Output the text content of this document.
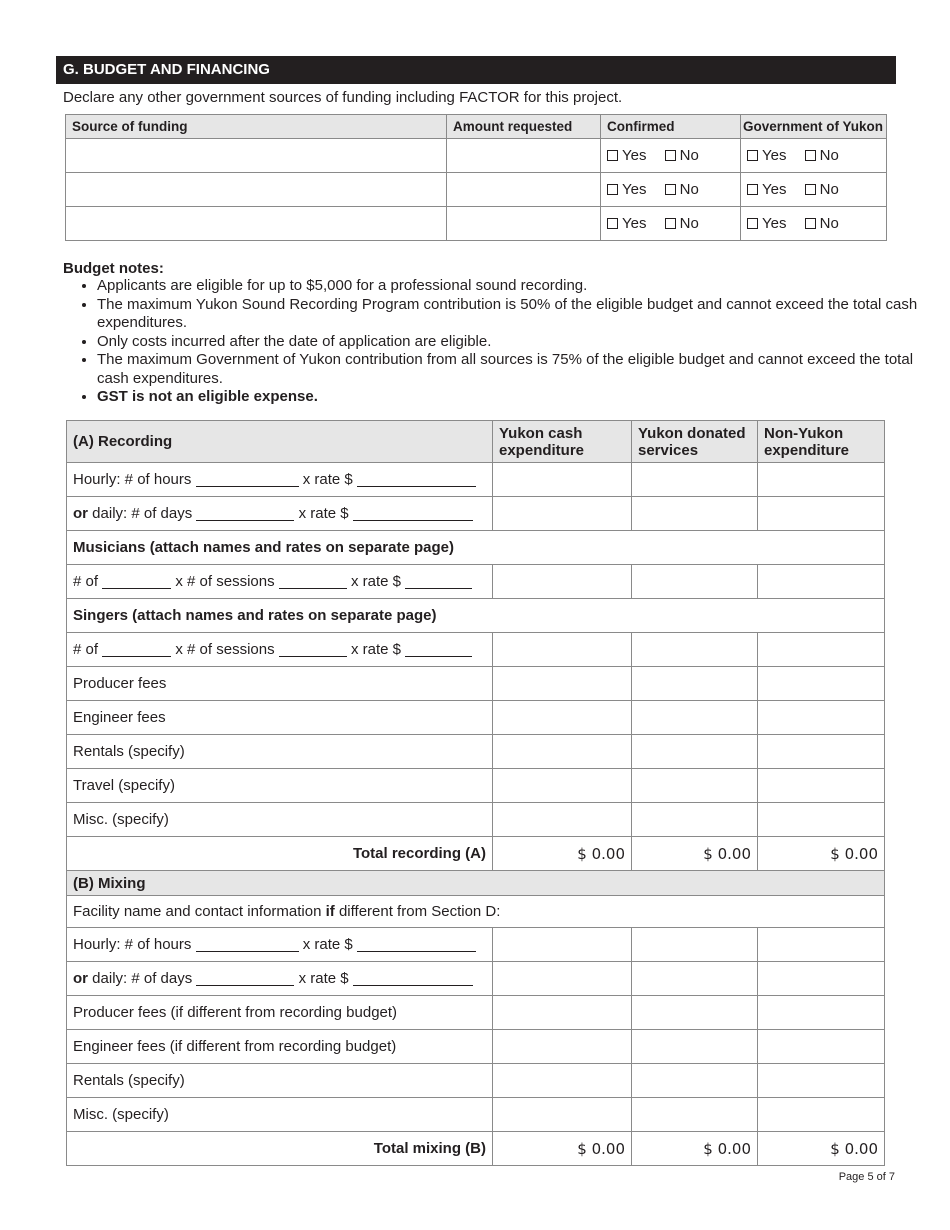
G. BUDGET AND FINANCING
Declare any other government sources of funding including FACTOR for this project.
Source of funding	Amount requested	Confirmed	Government of Yukon
		Yes No	Yes No
		Yes No	Yes No
		Yes No	Yes No
Budget notes:
• Applicants are eligible for up to $5,000 for a professional sound recording.
• The maximum Yukon Sound Recording Program contribution is 50% of the eligible budget and cannot exceed the total cash expenditures.
• Only costs incurred after the date of application are eligible.
• The maximum Government of Yukon contribution from all sources is 75% of the eligible budget and cannot exceed the total cash expenditures.
• GST is not an eligible expense.
(A) Recording	Yukon cash expenditure	Yukon donated services	Non-Yukon expenditure
Hourly: # of hours x rate $			
or daily: # of days x rate $			
Musicians (attach names and rates on separate page)			
# of x # of sessions x rate $			
Singers (attach names and rates on separate page)			
# of x # of sessions x rate $			
Producer fees			
Engineer fees			
Rentals (specify)			
Travel (specify)			
Misc. (specify)			
Total recording (A)	$ 0.00	$ 0.00	$ 0.00
(B) Mixing			
Facility name and contact information if different from Section D:			
Hourly: # of hours x rate $			
or daily: # of days x rate $			
Producer fees (if different from recording budget)			
Engineer fees (if different from recording budget)			
Rentals (specify)			
Misc. (specify)			
Total mixing (B)	$ 0.00	$ 0.00	$ 0.00
Page 5 of 7
